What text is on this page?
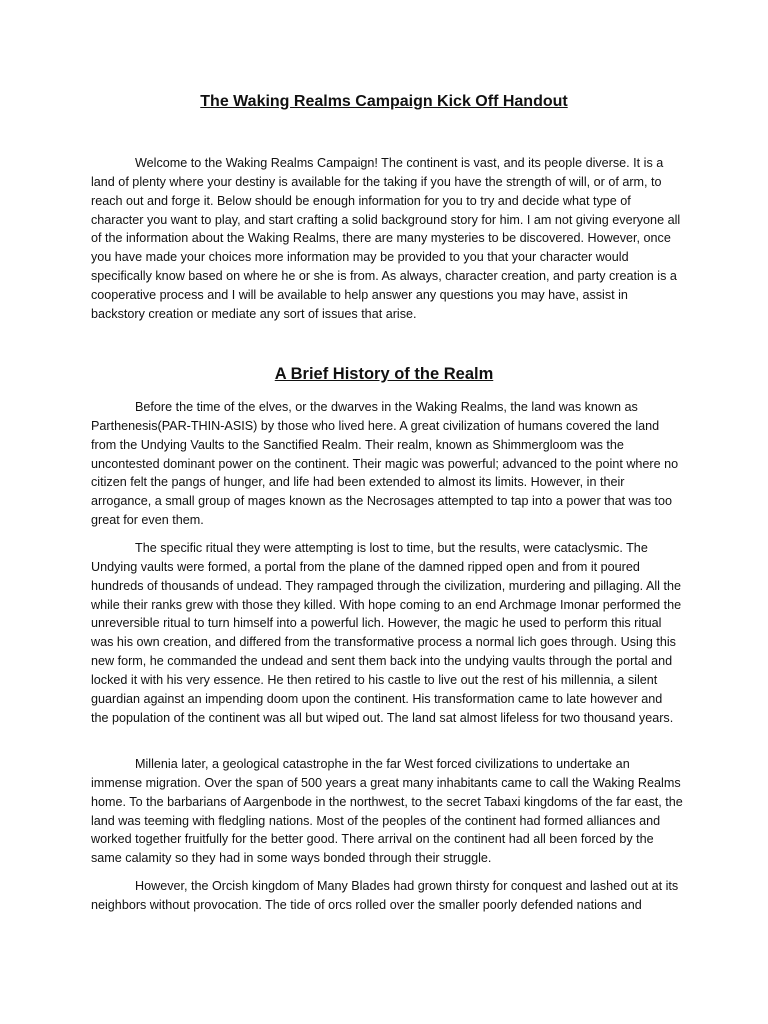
The Waking Realms Campaign Kick Off Handout

Welcome to the Waking Realms Campaign! The continent is vast, and its people diverse. It is a land of plenty where your destiny is available for the taking if you have the strength of will, or of arm, to reach out and forge it. Below should be enough information for you to try and decide what type of character you want to play, and start crafting a solid background story for him. I am not giving everyone all of the information about the Waking Realms, there are many mysteries to be discovered. However, once you have made your choices more information may be provided to you that your character would specifically know based on where he or she is from. As always, character creation, and party creation is a cooperative process and I will be available to help answer any questions you may have, assist in backstory creation or mediate any sort of issues that arise.

A Brief History of the Realm

Before the time of the elves, or the dwarves in the Waking Realms, the land was known as Parthenesis(PAR-THIN-ASIS) by those who lived here. A great civilization of humans covered the land from the Undying Vaults to the Sanctified Realm. Their realm, known as Shimmergloom was the uncontested dominant power on the continent. Their magic was powerful; advanced to the point where no citizen felt the pangs of hunger, and life had been extended to almost its limits. However, in their arrogance, a small group of mages known as the Necrosages attempted to tap into a power that was too great for even them.

The specific ritual they were attempting is lost to time, but the results, were cataclysmic. The Undying vaults were formed, a portal from the plane of the damned ripped open and from it poured hundreds of thousands of undead. They rampaged through the civilization, murdering and pillaging. All the while their ranks grew with those they killed. With hope coming to an end Archmage Imonar performed the unreversible ritual to turn himself into a powerful lich. However, the magic he used to perform this ritual was his own creation, and differed from the transformative process a normal lich goes through. Using this new form, he commanded the undead and sent them back into the undying vaults through the portal and locked it with his very essence. He then retired to his castle to live out the rest of his millennia, a silent guardian against an impending doom upon the continent. His transformation came to late however and the population of the continent was all but wiped out. The land sat almost lifeless for two thousand years.

Millenia later, a geological catastrophe in the far West forced civilizations to undertake an immense migration. Over the span of 500 years a great many inhabitants came to call the Waking Realms home. To the barbarians of Aargenbode in the northwest, to the secret Tabaxi kingdoms of the far east, the land was teeming with fledgling nations. Most of the peoples of the continent had formed alliances and worked together fruitfully for the better good. There arrival on the continent had all been forced by the same calamity so they had in some ways bonded through their struggle.

However, the Orcish kingdom of Many Blades had grown thirsty for conquest and lashed out at its neighbors without provocation. The tide of orcs rolled over the smaller poorly defended nations and
